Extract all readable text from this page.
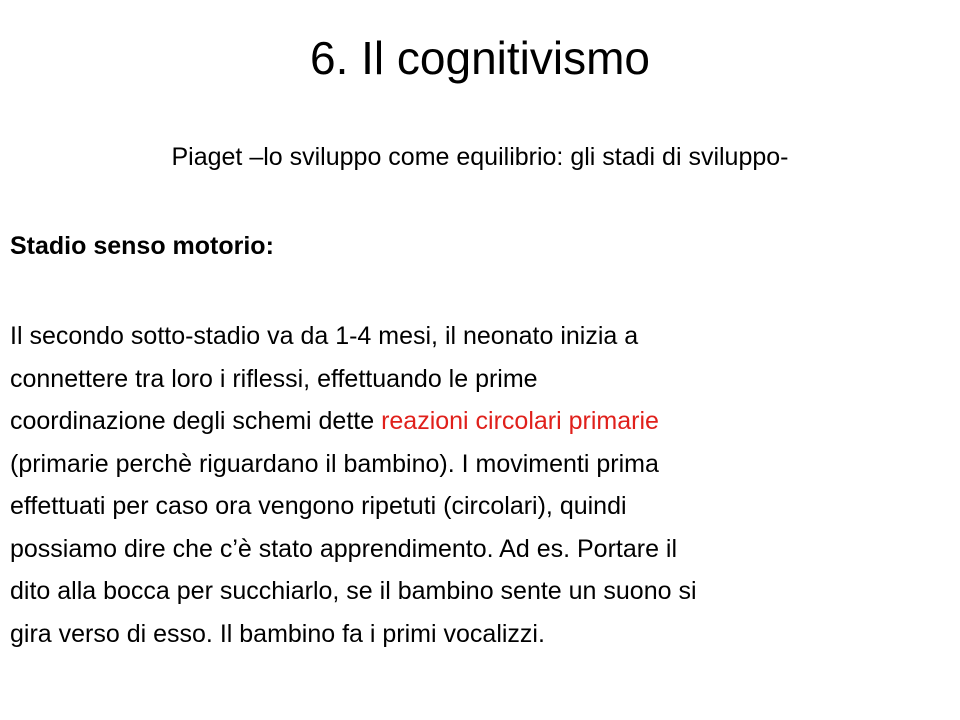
6. Il cognitivismo
Piaget –lo sviluppo come equilibrio: gli stadi di sviluppo-
Stadio senso motorio:
Il secondo sotto-stadio va da 1-4 mesi, il neonato inizia a
connettere tra loro i riflessi, effettuando le prime
coordinazione degli schemi dette reazioni circolari primarie
(primarie perchè riguardano il bambino). I movimenti prima
effettuati per caso ora vengono ripetuti (circolari), quindi
possiamo dire che c’è stato apprendimento. Ad es. Portare il
dito alla bocca per succhiarlo, se il bambino sente un suono si
gira verso di esso. Il bambino fa i primi vocalizzi.
